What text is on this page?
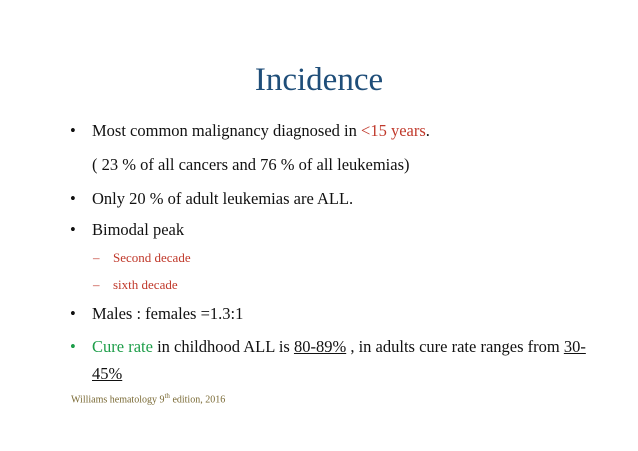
Incidence
• Most common malignancy diagnosed in <15 years.
( 23 % of all cancers and 76 % of all leukemias)
• Only 20 % of adult leukemias are ALL.
• Bimodal peak
– Second decade
– sixth decade
• Males : females =1.3:1
• Cure rate in childhood ALL is 80-89% , in adults cure rate ranges from 30-
45%
Williams hematology 9th edition, 2016
